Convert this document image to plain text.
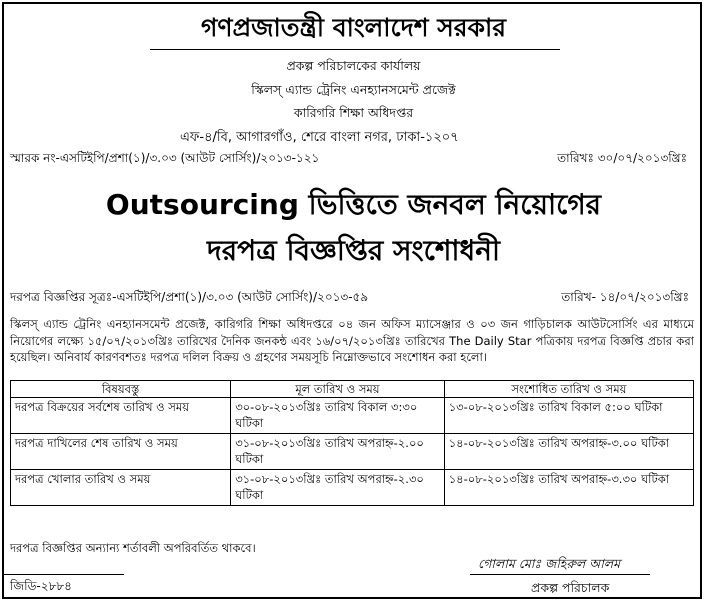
গণপ্রজাতন্ত্রী বাংলাদেশ সরকার
প্রকল্প পরিচালকের কার্যালয়
স্কিলস্‌ এ্যান্ড ট্রেনিং এনহ্যানসমেন্ট প্রজেক্ট
কারিগরি শিক্ষা অধিদপ্তর
এফ-৪/বি, আগারগাঁও, শেরে বাংলা নগর, ঢাকা-১২০৭
স্মারক নং-এসটিইপি/প্রশা(১)/৩.০৩ (আউট সোর্সিং)/২০১৩-১২১	তারিখঃ ৩০/০৭/২০১৩খ্রিঃ
Outsourcing ভিত্তিতে জনবল নিয়োগের
দরপত্র বিজ্ঞপ্তির সংশোধনী
দরপত্র বিজ্ঞপ্তির সূত্রঃ-এসটিইপি/প্রশা(১)/৩.০৩ (আউট সোর্সিং)/২০১৩-৫৯	তারিখ- ১৪/০৭/২০১৩খ্রিঃ
স্কিলস্‌ এ্যান্ড ট্রেনিং এনহ্যানসমেন্ট প্রজেক্ট, কারিগরি শিক্ষা অধিদপ্তরে ০৪ জন অফিস ম্যাসেঞ্জার ও ০৩ জন গাড়িচালক আউটসোর্সিং এর মাধ্যমে নিয়োগের লক্ষ্যে ১৫/০৭/২০১৩খ্রিঃ তারিখের দৈনিক জনকন্ঠ এবং ১৬/০৭/২০১৩খ্রিঃ তারিখের The Daily Star পত্রিকায় দরপত্র বিজ্ঞপ্তি প্রচার করা হয়েছিল। অনিবার্য কারণবশতঃ দরপত্র দলিল বিক্রয় ও গ্রহণের সময়সূচি নিম্নোক্তভাবে সংশোধন করা হলো।
বিষয়বস্তু	মূল তারিখ ও সময়	সংশোধিত তারিখ ও সময়
দরপত্র বিক্রয়ের সর্বশেষ তারিখ ও সময়	৩০-০৮-২০১৩খ্রিঃ তারিখ বিকাল ৩:৩০ ঘটিকা	১৩-০৮-২০১৩খ্রিঃ তারিখ বিকাল ৫:০০ ঘটিকা
দরপত্র দাখিলের শেষ তারিখ ও সময়	৩১-০৮-২০১৩খ্রিঃ তারিখ অপরাহ্ন-২.০০ ঘটিকা	১৪-০৮-২০১৩খ্রিঃ তারিখ অপরাহ্ন-৩.০০ ঘটিকা
দরপত্র খোলার তারিখ ও সময়	৩১-০৮-২০১৩খ্রিঃ তারিখ অপরাহ্ন-২.৩০ ঘটিকা	১৪-০৮-২০১৩খ্রিঃ তারিখ অপরাহ্ন-৩.৩০ ঘটিকা
দরপত্র বিজ্ঞপ্তির অন্যান্য শর্তাবলী অপরিবর্তিত থাকবে।
গোলাম মোঃ জহিরুল আলম
প্রকল্প পরিচালক
জিডি-২৮৮৪
